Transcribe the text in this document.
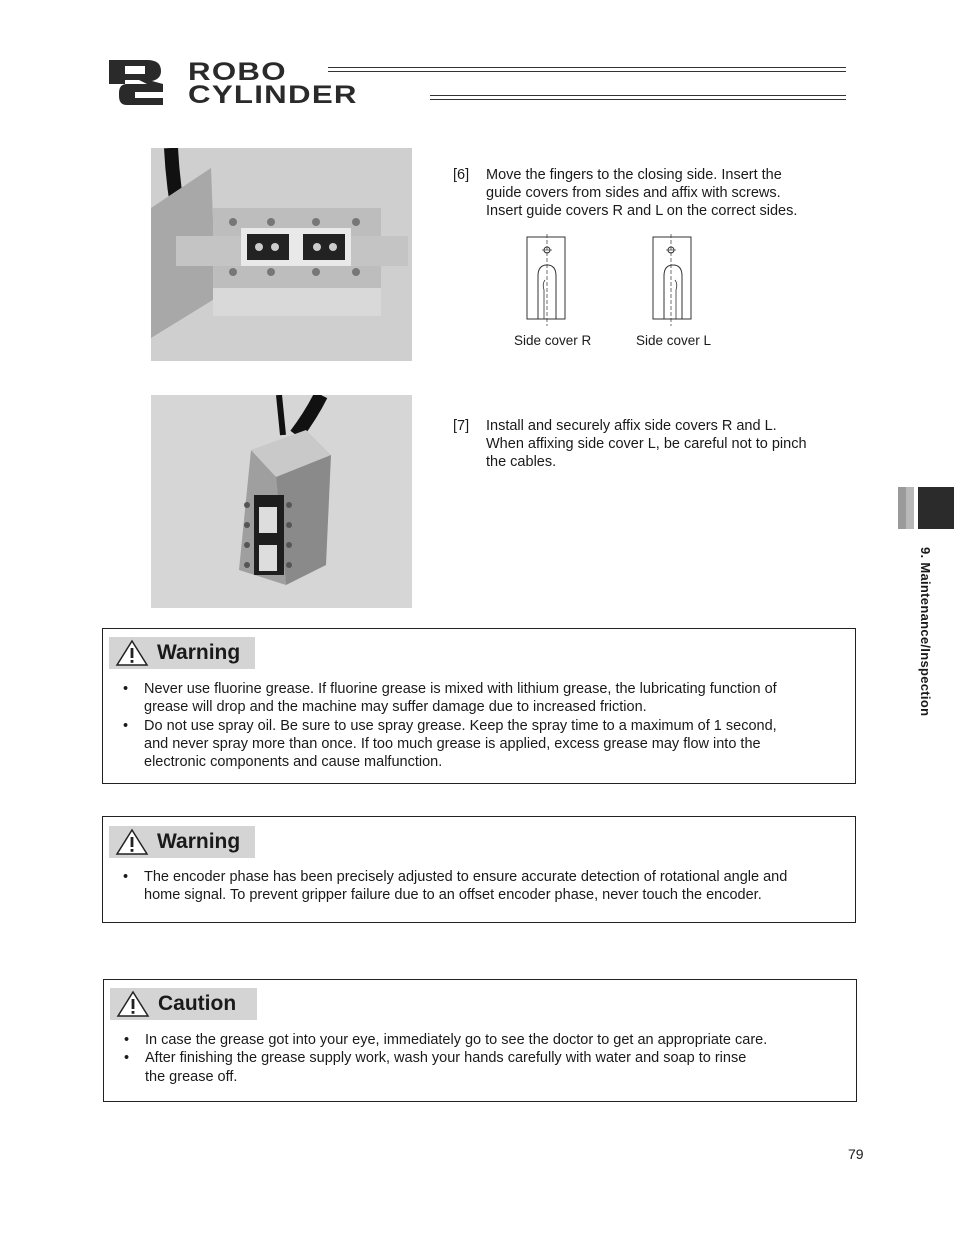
ROBO
CYLINDER
[6] Move the fingers to the closing side. Insert the
guide covers from sides and affix with screws.
Insert guide covers R and L on the correct sides.
Side cover R	Side cover L
[7] Install and securely affix side covers R and L.
When affixing side cover L, be careful not to pinch
the cables.
9. Maintenance/Inspection
Warning
• Never use fluorine grease. If fluorine grease is mixed with lithium grease, the lubricating function of
grease will drop and the machine may suffer damage due to increased friction.
• Do not use spray oil. Be sure to use spray grease. Keep the spray time to a maximum of 1 second,
and never spray more than once. If too much grease is applied, excess grease may flow into the
electronic components and cause malfunction.
Warning
• The encoder phase has been precisely adjusted to ensure accurate detection of rotational angle and
home signal. To prevent gripper failure due to an offset encoder phase, never touch the encoder.
Caution
• In case the grease got into your eye, immediately go to see the doctor to get an appropriate care.
• After finishing the grease supply work, wash your hands carefully with water and soap to rinse
the grease off.
79
